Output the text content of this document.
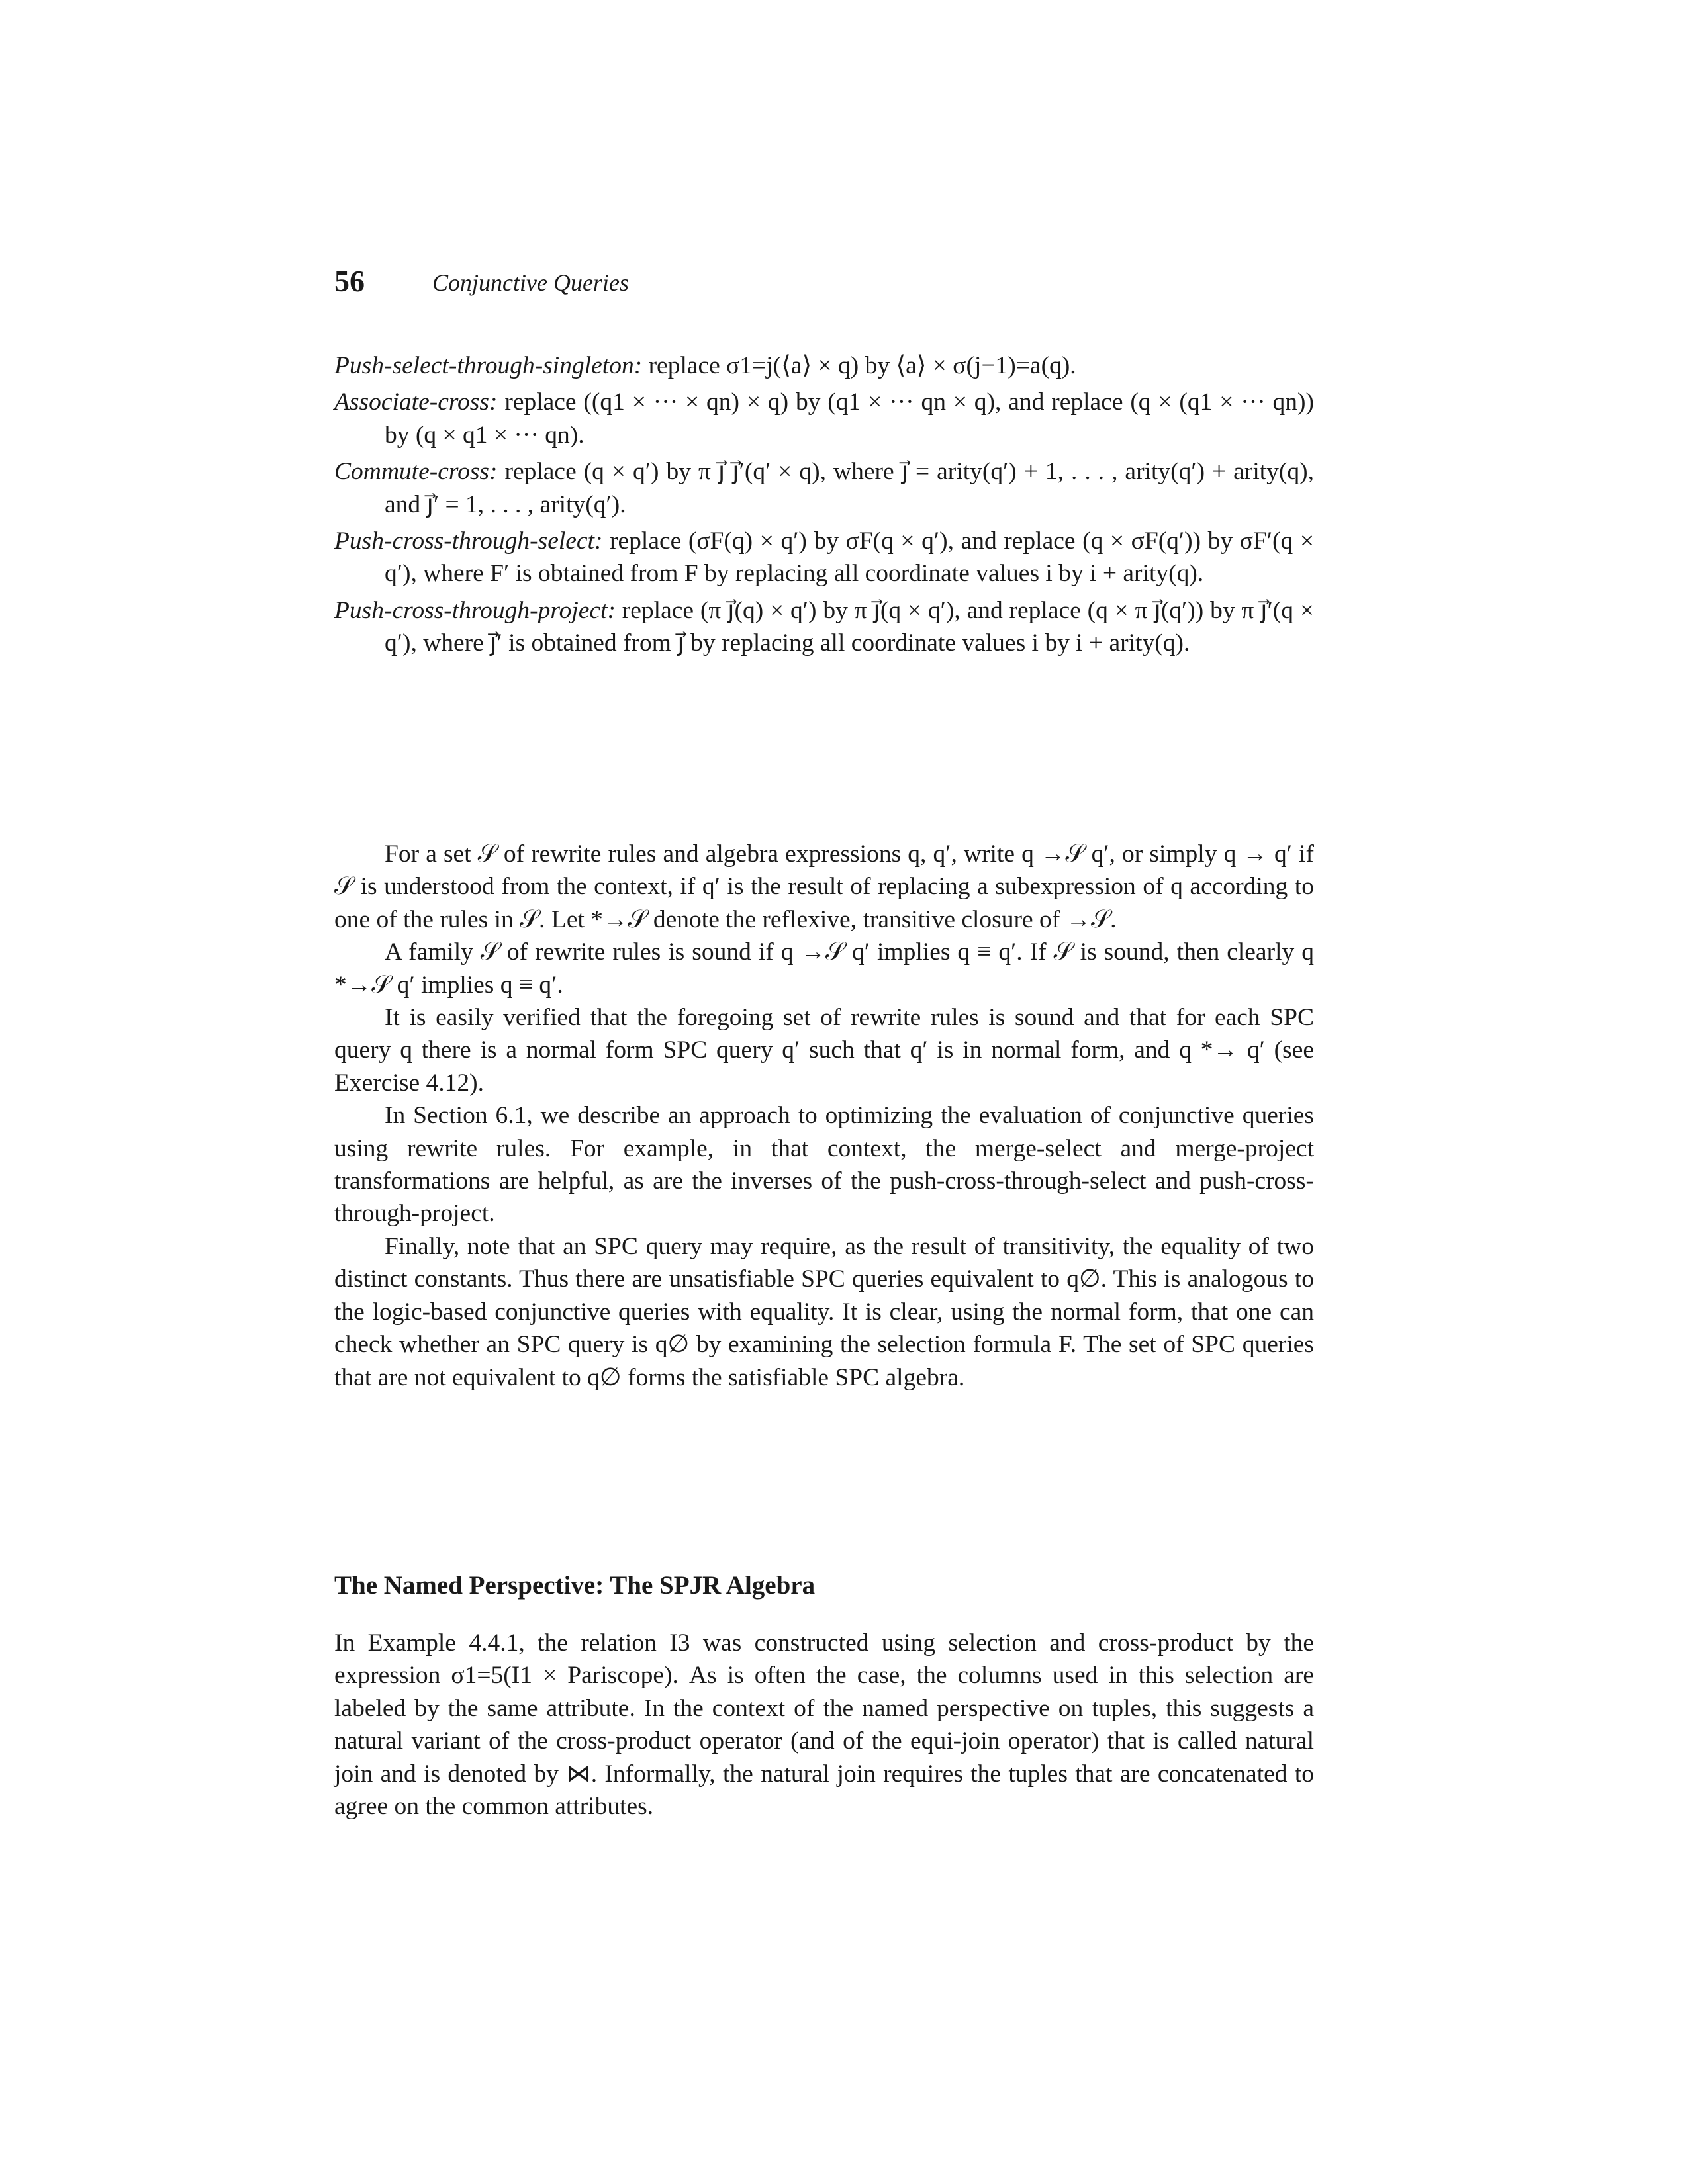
56	Conjunctive Queries

Push-select-through-singleton: replace σ1=j(⟨a⟩ × q) by ⟨a⟩ × σ(j−1)=a(q).

Associate-cross: replace ((q1 × ··· × qn) × q) by (q1 × ··· qn × q), and replace (q × (q1 × ··· qn)) by (q × q1 × ··· qn).

Commute-cross: replace (q × q′) by π j⃗ j⃗′(q′ × q), where j⃗ = arity(q′) + 1, . . . , arity(q′) + arity(q), and j⃗′ = 1, . . . , arity(q′).

Push-cross-through-select: replace (σF(q) × q′) by σF(q × q′), and replace (q × σF(q′)) by σF′(q × q′), where F′ is obtained from F by replacing all coordinate values i by i + arity(q).

Push-cross-through-project: replace (π j⃗(q) × q′) by π j⃗(q × q′), and replace (q × π j⃗(q′)) by π j⃗′(q × q′), where j⃗′ is obtained from j⃗ by replacing all coordinate values i by i + arity(q).

For a set 𝒮 of rewrite rules and algebra expressions q, q′, write q →𝒮 q′, or simply q → q′ if 𝒮 is understood from the context, if q′ is the result of replacing a subexpression of q according to one of the rules in 𝒮. Let *→𝒮 denote the reflexive, transitive closure of →𝒮.

A family 𝒮 of rewrite rules is sound if q →𝒮 q′ implies q ≡ q′. If 𝒮 is sound, then clearly q *→𝒮 q′ implies q ≡ q′.

It is easily verified that the foregoing set of rewrite rules is sound and that for each SPC query q there is a normal form SPC query q′ such that q′ is in normal form, and q *→ q′ (see Exercise 4.12).

In Section 6.1, we describe an approach to optimizing the evaluation of conjunctive queries using rewrite rules. For example, in that context, the merge-select and merge-project transformations are helpful, as are the inverses of the push-cross-through-select and push-cross-through-project.

Finally, note that an SPC query may require, as the result of transitivity, the equality of two distinct constants. Thus there are unsatisfiable SPC queries equivalent to q∅. This is analogous to the logic-based conjunctive queries with equality. It is clear, using the normal form, that one can check whether an SPC query is q∅ by examining the selection formula F. The set of SPC queries that are not equivalent to q∅ forms the satisfiable SPC algebra.

The Named Perspective: The SPJR Algebra

In Example 4.4.1, the relation I3 was constructed using selection and cross-product by the expression σ1=5(I1 × Pariscope). As is often the case, the columns used in this selection are labeled by the same attribute. In the context of the named perspective on tuples, this suggests a natural variant of the cross-product operator (and of the equi-join operator) that is called natural join and is denoted by ⋈. Informally, the natural join requires the tuples that are concatenated to agree on the common attributes.
